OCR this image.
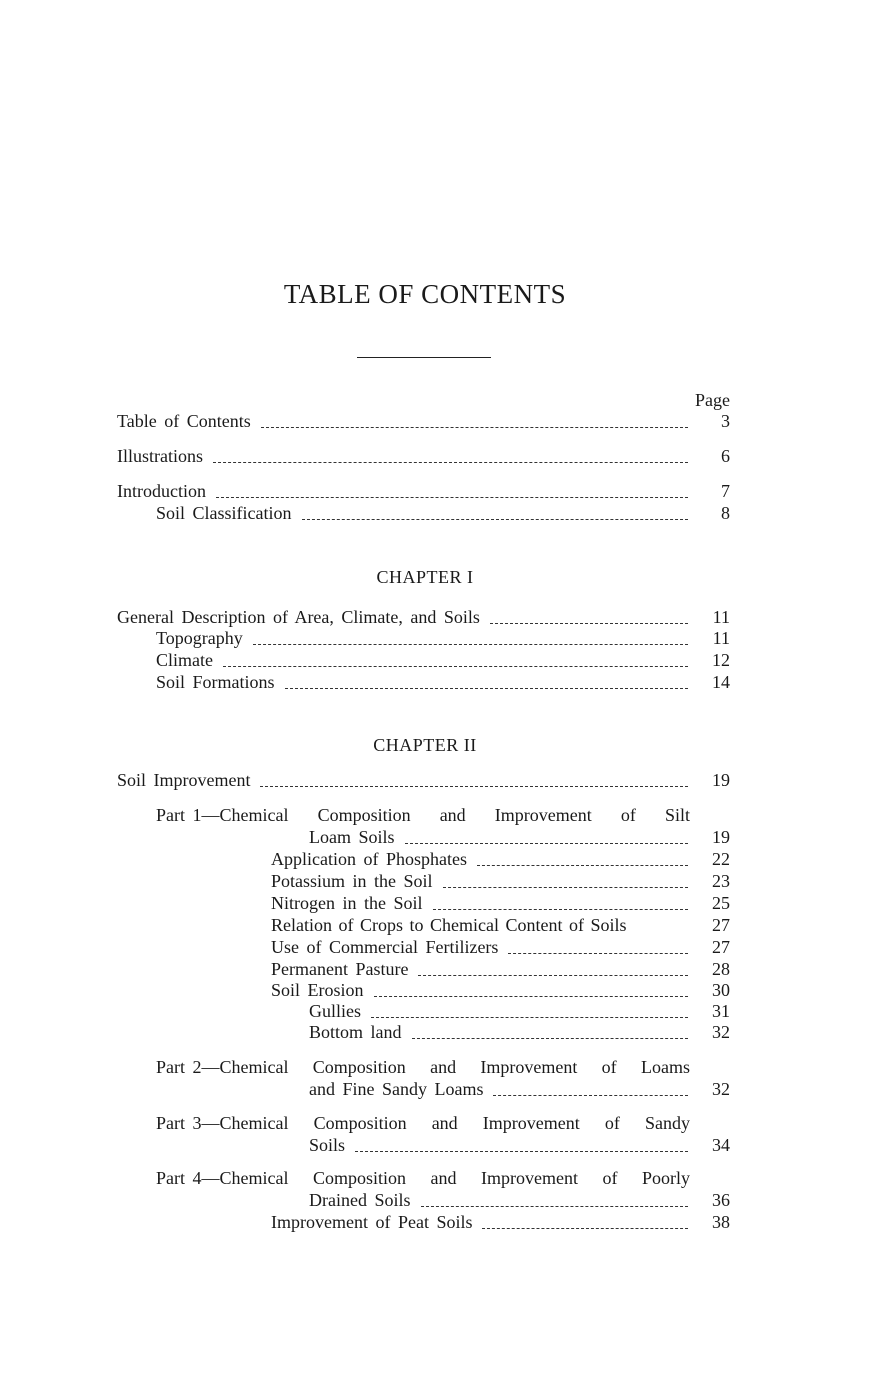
TABLE OF CONTENTS
Page
Table of Contents	3
Illustrations	6
Introduction	7
Soil Classification	8
CHAPTER I
General Description of Area, Climate, and Soils	11
Topography	11
Climate	12
Soil Formations	14
CHAPTER II
Soil Improvement	19
Part 1—Chemical Composition and Improvement of Silt
Loam Soils	19
Application of Phosphates	22
Potassium in the Soil	23
Nitrogen in the Soil	25
Relation of Crops to Chemical Content of Soils	27
Use of Commercial Fertilizers	27
Permanent Pasture	28
Soil Erosion	30
Gullies	31
Bottom land	32
Part 2—Chemical Composition and Improvement of Loams
and Fine Sandy Loams	32
Part 3—Chemical Composition and Improvement of Sandy
Soils	34
Part 4—Chemical Composition and Improvement of Poorly
Drained Soils	36
Improvement of Peat Soils	38
